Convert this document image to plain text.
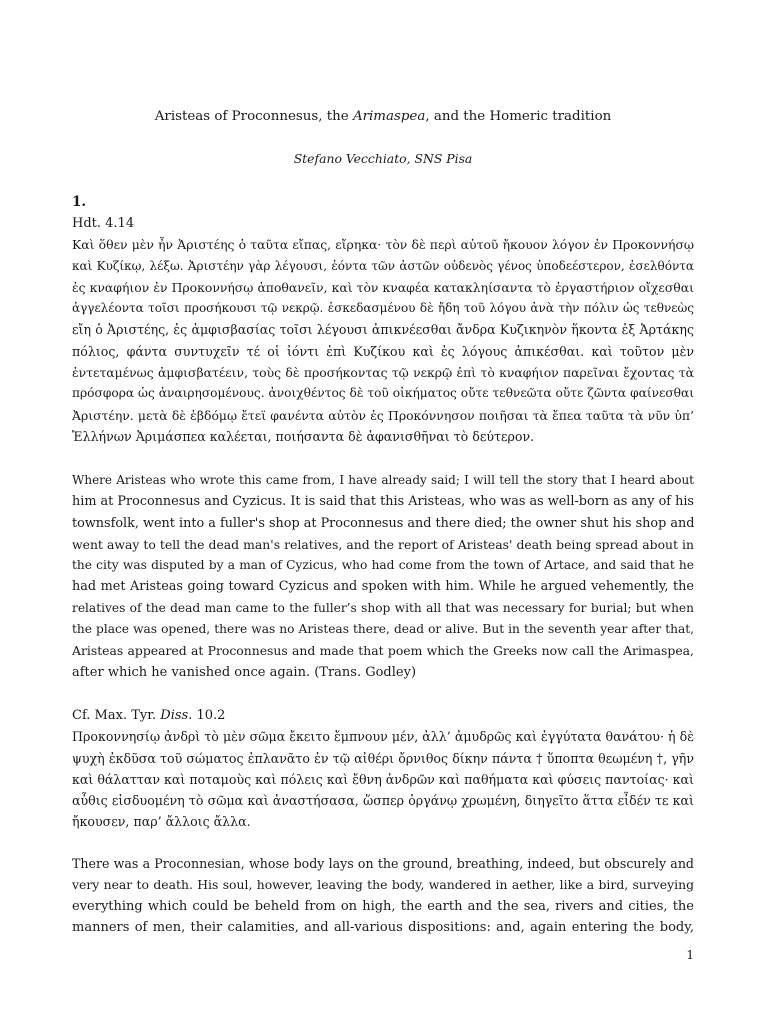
Aristeas of Proconnesus, the Arimaspea, and the Homeric tradition
Stefano Vecchiato, SNS Pisa
1.
Hdt. 4.14
Καὶ ὅθεν μὲν ἦν Ἀριστέης ὁ ταῦτα εἴπας, εἴρηκα· τὸν δὲ περὶ αὐτοῦ ἤκουον λόγον ἐν Προκοννήσῳ
καὶ Κυζίκῳ, λέξω. Ἀριστέην γὰρ λέγουσι, ἐόντα τῶν ἀστῶν οὐδενὸς γένος ὑποδεέστερον, ἐσελθόντα
ἐς κναφήιον ἐν Προκοννήσῳ ἀποθανεῖν, καὶ τὸν κναφέα κατακληίσαντα τὸ ἐργαστήριον οἴχεσθαι
ἀγγελέοντα τοῖσι προσήκουσι τῷ νεκρῷ. ἐσκεδασμένου δὲ ἤδη τοῦ λόγου ἀνὰ τὴν πόλιν ὡς τεθνεὼς
εἴη ὁ Ἀριστέης, ἐς ἀμφισβασίας τοῖσι λέγουσι ἀπικνέεσθαι ἄνδρα Κυζικηνὸν ἥκοντα ἐξ Ἀρτάκης
πόλιος, φάντα συντυχεῖν τέ οἱ ἰόντι ἐπὶ Κυζίκου καὶ ἐς λόγους ἀπικέσθαι. καὶ τοῦτον μὲν
ἐντεταμένως ἀμφισβατέειν, τοὺς δὲ προσήκοντας τῷ νεκρῷ ἐπὶ τὸ κναφήιον παρεῖναι ἔχοντας τὰ
πρόσφορα ὡς ἀναιρησομένους. ἀνοιχθέντος δὲ τοῦ οἰκήματος οὔτε τεθνεῶτα οὔτε ζῶντα φαίνεσθαι
Ἀριστέην. μετὰ δὲ ἑβδόμῳ ἔτεϊ φανέντα αὐτὸν ἐς Προκόννησον ποιῆσαι τὰ ἔπεα ταῦτα τὰ νῦν ὑπ’
Ἑλλήνων Ἀριμάσπεα καλέεται, ποιήσαντα δὲ ἀφανισθῆναι τὸ δεύτερον.
Where Aristeas who wrote this came from, I have already said; I will tell the story that I heard about
him at Proconnesus and Cyzicus. It is said that this Aristeas, who was as well-born as any of his
townsfolk, went into a fuller's shop at Proconnesus and there died; the owner shut his shop and
went away to tell the dead man's relatives, and the report of Aristeas' death being spread about in
the city was disputed by a man of Cyzicus, who had come from the town of Artace, and said that he
had met Aristeas going toward Cyzicus and spoken with him. While he argued vehemently, the
relatives of the dead man came to the fuller’s shop with all that was necessary for burial; but when
the place was opened, there was no Aristeas there, dead or alive. But in the seventh year after that,
Aristeas appeared at Proconnesus and made that poem which the Greeks now call the Arimaspea,
after which he vanished once again. (Trans. Godley)
Cf. Max. Tyr. Diss. 10.2
Προκοννησίῳ ἀνδρὶ τὸ μὲν σῶμα ἔκειτο ἔμπνουν μέν, ἀλλ’ ἀμυδρῶς καὶ ἐγγύτατα θανάτου· ἡ δὲ
ψυχὴ ἐκδῦσα τοῦ σώματος ἐπλανᾶτο ἐν τῷ αἰθέρι ὄρνιθος δίκην πάντα † ὕποπτα θεωμένη †, γῆν
καὶ θάλατταν καὶ ποταμοὺς καὶ πόλεις καὶ ἔθνη ἀνδρῶν καὶ παθήματα καὶ φύσεις παντοίας· καὶ
αὖθις εἰσδυομένη τὸ σῶμα καὶ ἀναστήσασα, ὥσπερ ὀργάνῳ χρωμένη, διηγεῖτο ἅττα εἶδέν τε καὶ
ἤκουσεν, παρ’ ἄλλοις ἄλλα.
There was a Proconnesian, whose body lays on the ground, breathing, indeed, but obscurely and
very near to death. His soul, however, leaving the body, wandered in aether, like a bird, surveying
everything which could be beheld from on high, the earth and the sea, rivers and cities, the
manners of men, their calamities, and all-various dispositions: and, again entering the body,
1
